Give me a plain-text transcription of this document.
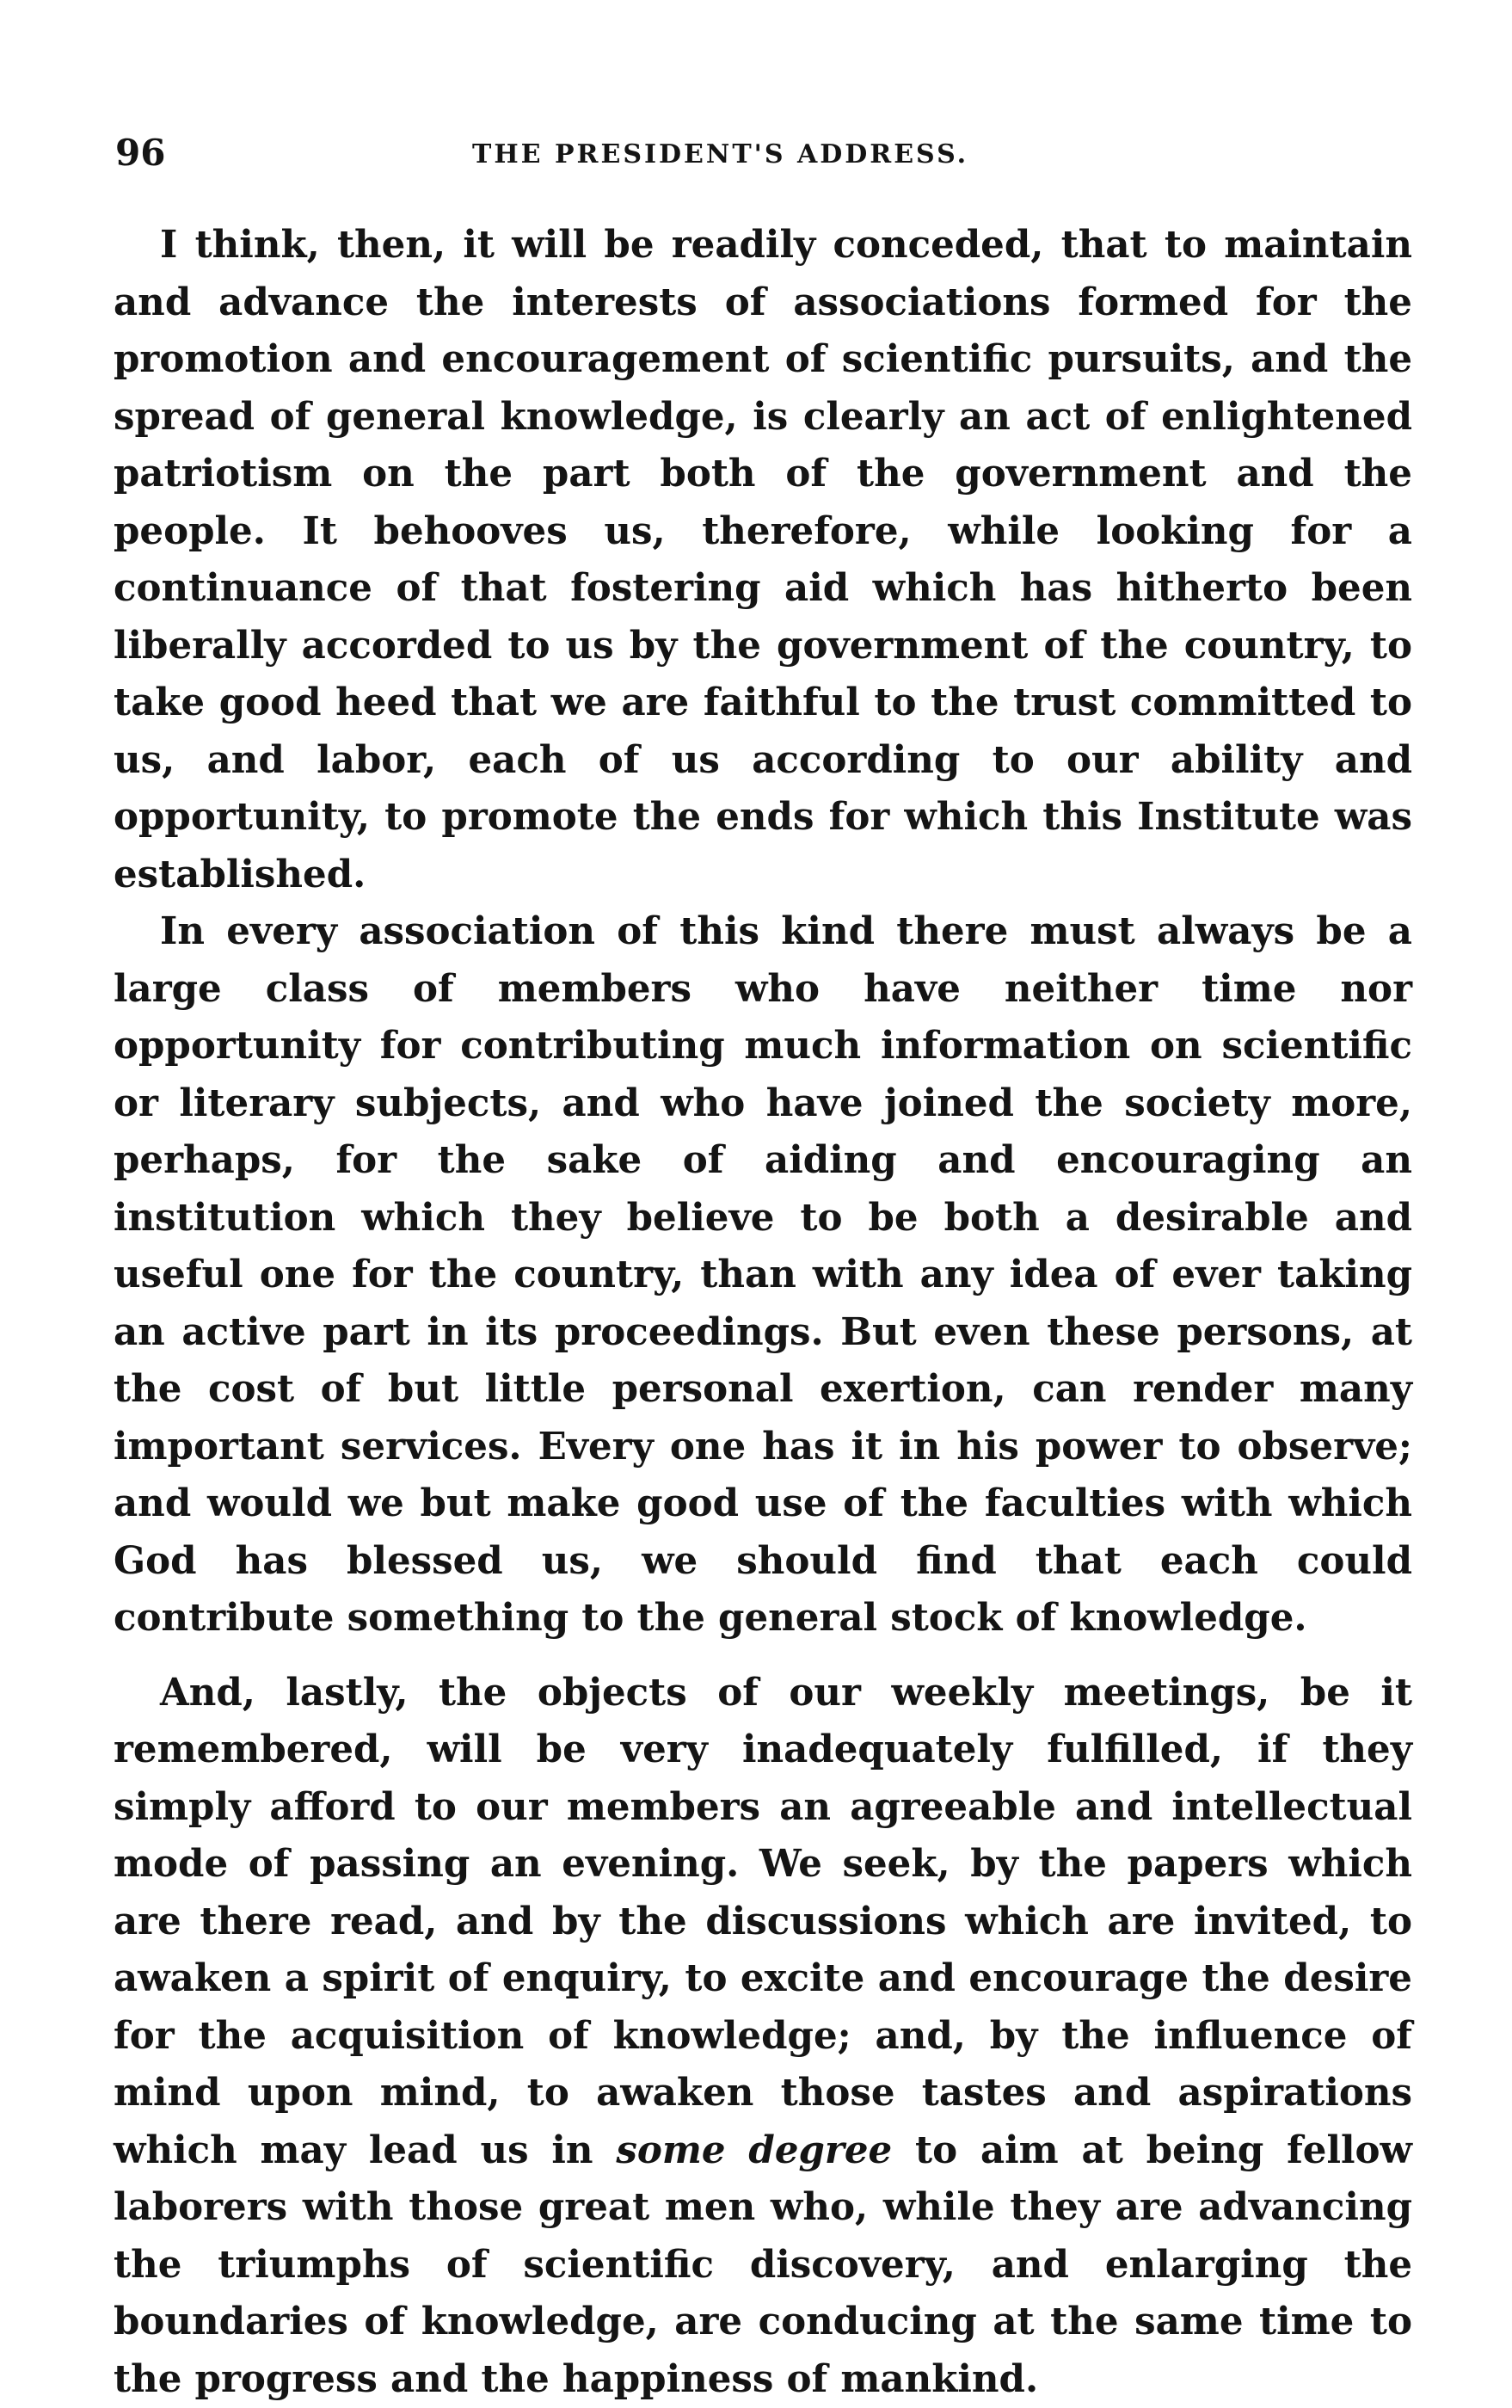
96	THE PRESIDENT'S ADDRESS.

I think, then, it will be readily conceded, that to maintain and advance the interests of associations formed for the promotion and encouragement of scientific pursuits, and the spread of general knowledge, is clearly an act of enlightened patriotism on the part both of the government and the people. It behooves us, therefore, while looking for a continuance of that fostering aid which has hitherto been liberally accorded to us by the government of the country, to take good heed that we are faithful to the trust committed to us, and labor, each of us according to our ability and opportunity, to promote the ends for which this Institute was established.

In every association of this kind there must always be a large class of members who have neither time nor opportunity for contributing much information on scientific or literary subjects, and who have joined the society more, perhaps, for the sake of aiding and encouraging an institution which they believe to be both a desirable and useful one for the country, than with any idea of ever taking an active part in its proceedings. But even these persons, at the cost of but little personal exertion, can render many important services. Every one has it in his power to observe; and would we but make good use of the faculties with which God has blessed us, we should find that each could contribute something to the general stock of knowledge.

And, lastly, the objects of our weekly meetings, be it remembered, will be very inadequately fulfilled, if they simply afford to our members an agreeable and intellectual mode of passing an evening. We seek, by the papers which are there read, and by the discussions which are invited, to awaken a spirit of enquiry, to excite and encourage the desire for the acquisition of knowledge; and, by the influence of mind upon mind, to awaken those tastes and aspirations which may lead us in some degree to aim at being fellow laborers with those great men who, while they are advancing the triumphs of scientific discovery, and enlarging the boundaries of knowledge, are conducing at the same time to the progress and the happiness of mankind.
